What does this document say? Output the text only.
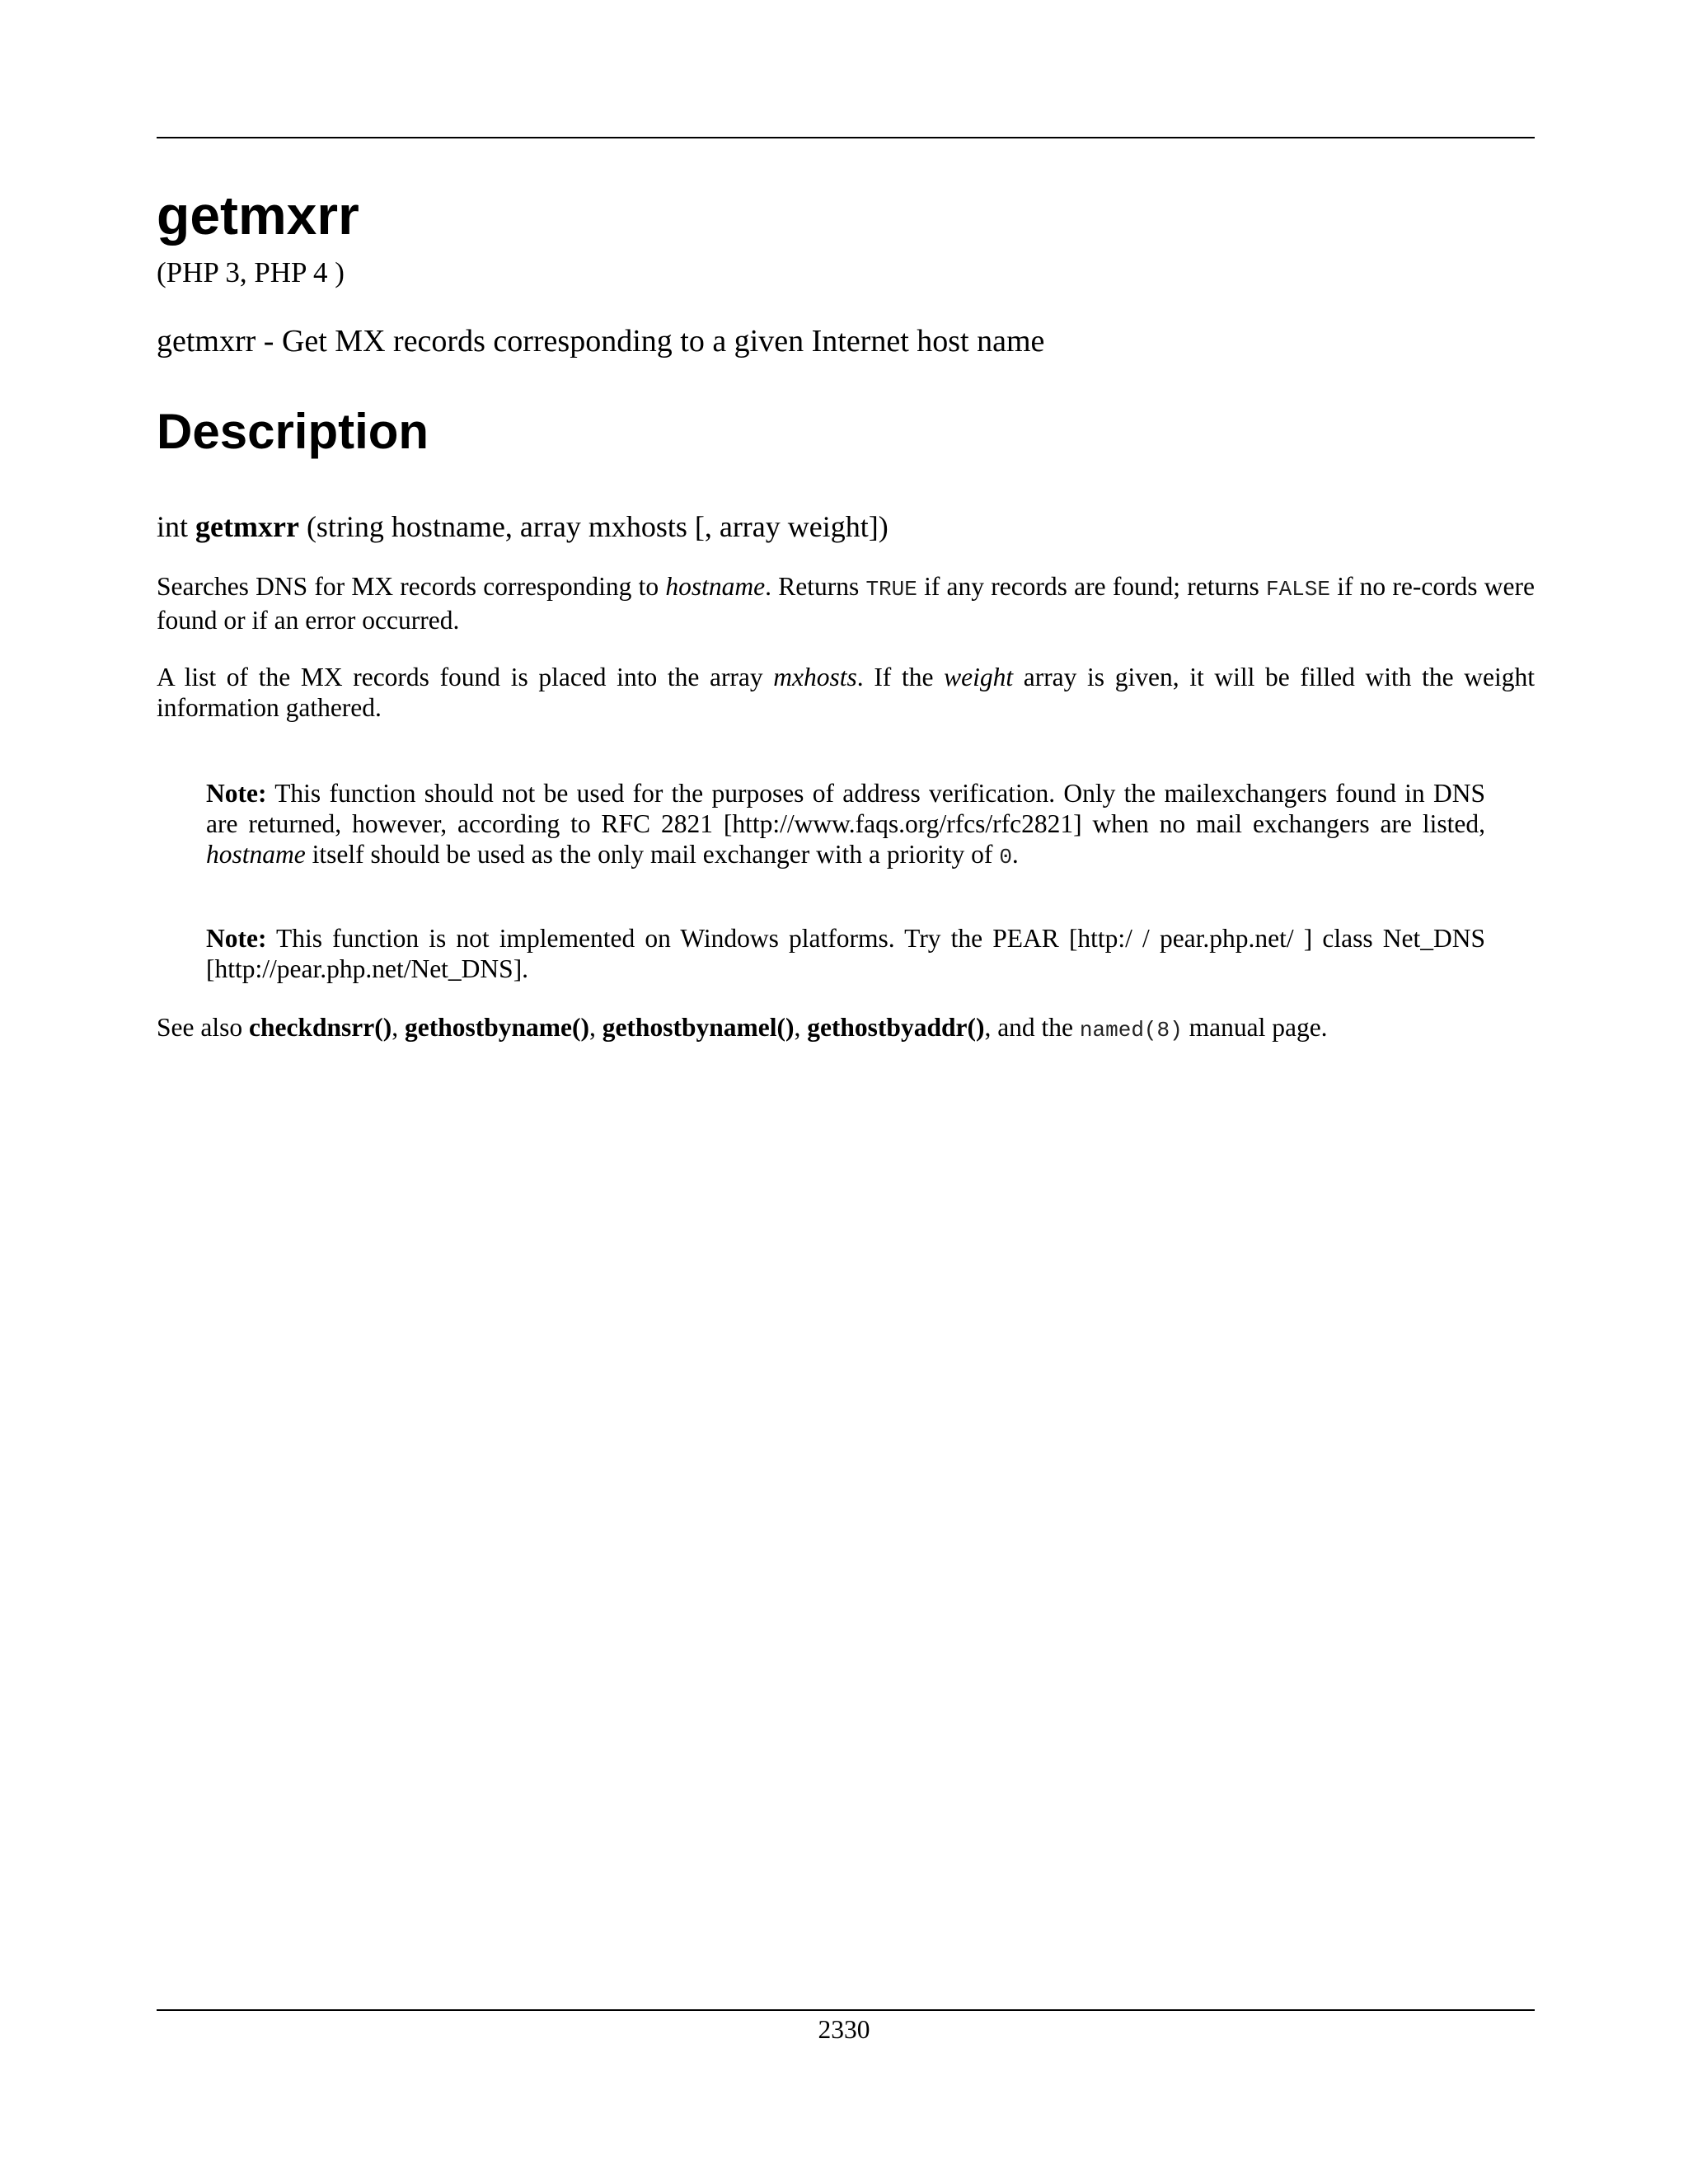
getmxrr
(PHP 3, PHP 4 )
getmxrr - Get MX records corresponding to a given Internet host name
Description
int getmxrr (string hostname, array mxhosts [, array weight])
Searches DNS for MX records corresponding to hostname. Returns TRUE if any records are found; returns FALSE if no re-cords were found or if an error occurred.
A list of the MX records found is placed into the array mxhosts. If the weight array is given, it will be filled with the weight information gathered.
Note: This function should not be used for the purposes of address verification. Only the mailexchangers found in DNS are returned, however, according to RFC 2821 [http://www.faqs.org/rfcs/rfc2821] when no mail exchangers are listed, hostname itself should be used as the only mail exchanger with a priority of 0.
Note: This function is not implemented on Windows platforms. Try the PEAR [http:/ / pear.php.net/ ] class Net_DNS [http://pear.php.net/Net_DNS].
See also checkdnsrr(), gethostbyname(), gethostbynamel(), gethostbyaddr(), and the named(8) manual page.
2330
